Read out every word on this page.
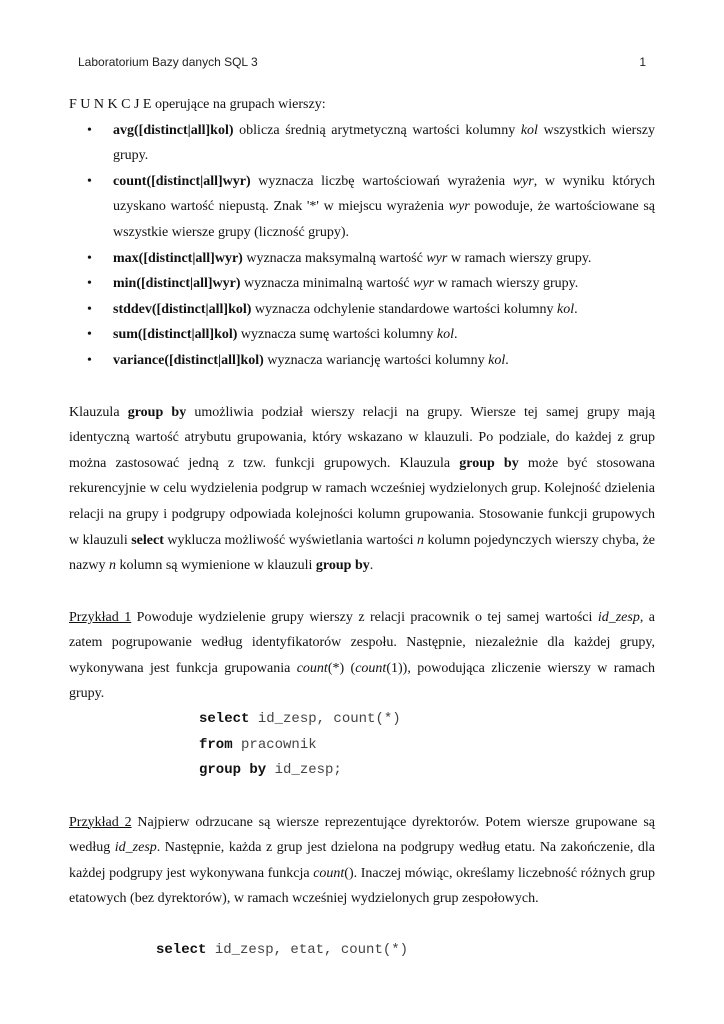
Laboratorium Bazy danych SQL 3	1

F U N K C J E operujące na grupach wierszy:

• avg([distinct|all]kol) oblicza średnią arytmetyczną wartości kolumny kol wszystkich wierszy grupy.
• count([distinct|all]wyr) wyznacza liczbę wartościowań wyrażenia wyr, w wyniku których uzyskano wartość niepustą. Znak '*' w miejscu wyrażenia wyr powoduje, że wartościowane są wszystkie wiersze grupy (liczność grupy).
• max([distinct|all]wyr) wyznacza maksymalną wartość wyr w ramach wierszy grupy.
• min([distinct|all]wyr) wyznacza minimalną wartość wyr w ramach wierszy grupy.
• stddev([distinct|all]kol) wyznacza odchylenie standardowe wartości kolumny kol.
• sum([distinct|all]kol) wyznacza sumę wartości kolumny kol.
• variance([distinct|all]kol) wyznacza wariancję wartości kolumny kol.

Klauzula group by umożliwia podział wierszy relacji na grupy. Wiersze tej samej grupy mają identyczną wartość atrybutu grupowania, który wskazano w klauzuli. Po podziale, do każdej z grup można zastosować jedną z tzw. funkcji grupowych. Klauzula group by może być stosowana rekurencyjnie w celu wydzielenia podgrup w ramach wcześniej wydzielonych grup. Kolejność dzielenia relacji na grupy i podgrupy odpowiada kolejności kolumn grupowania. Stosowanie funkcji grupowych w klauzuli select wyklucza możliwość wyświetlania wartości n kolumn pojedynczych wierszy chyba, że nazwy n kolumn są wymienione w klauzuli group by.

Przykład 1 Powoduje wydzielenie grupy wierszy z relacji pracownik o tej samej wartości id_zesp, a zatem pogrupowanie według identyfikatorów zespołu. Następnie, niezależnie dla każdej grupy, wykonywana jest funkcja grupowania count(*) (count(1)), powodująca zliczenie wierszy w ramach grupy.

select id_zesp, count(*)
from pracownik
group by id_zesp;

Przykład 2 Najpierw odrzucane są wiersze reprezentujące dyrektorów. Potem wiersze grupowane są według id_zesp. Następnie, każda z grup jest dzielona na podgrupy według etatu. Na zakończenie, dla każdej podgrupy jest wykonywana funkcja count(). Inaczej mówiąc, określamy liczebność różnych grup etatowych (bez dyrektorów), w ramach wcześniej wydzielonych grup zespołowych.

select id_zesp, etat, count(*)
